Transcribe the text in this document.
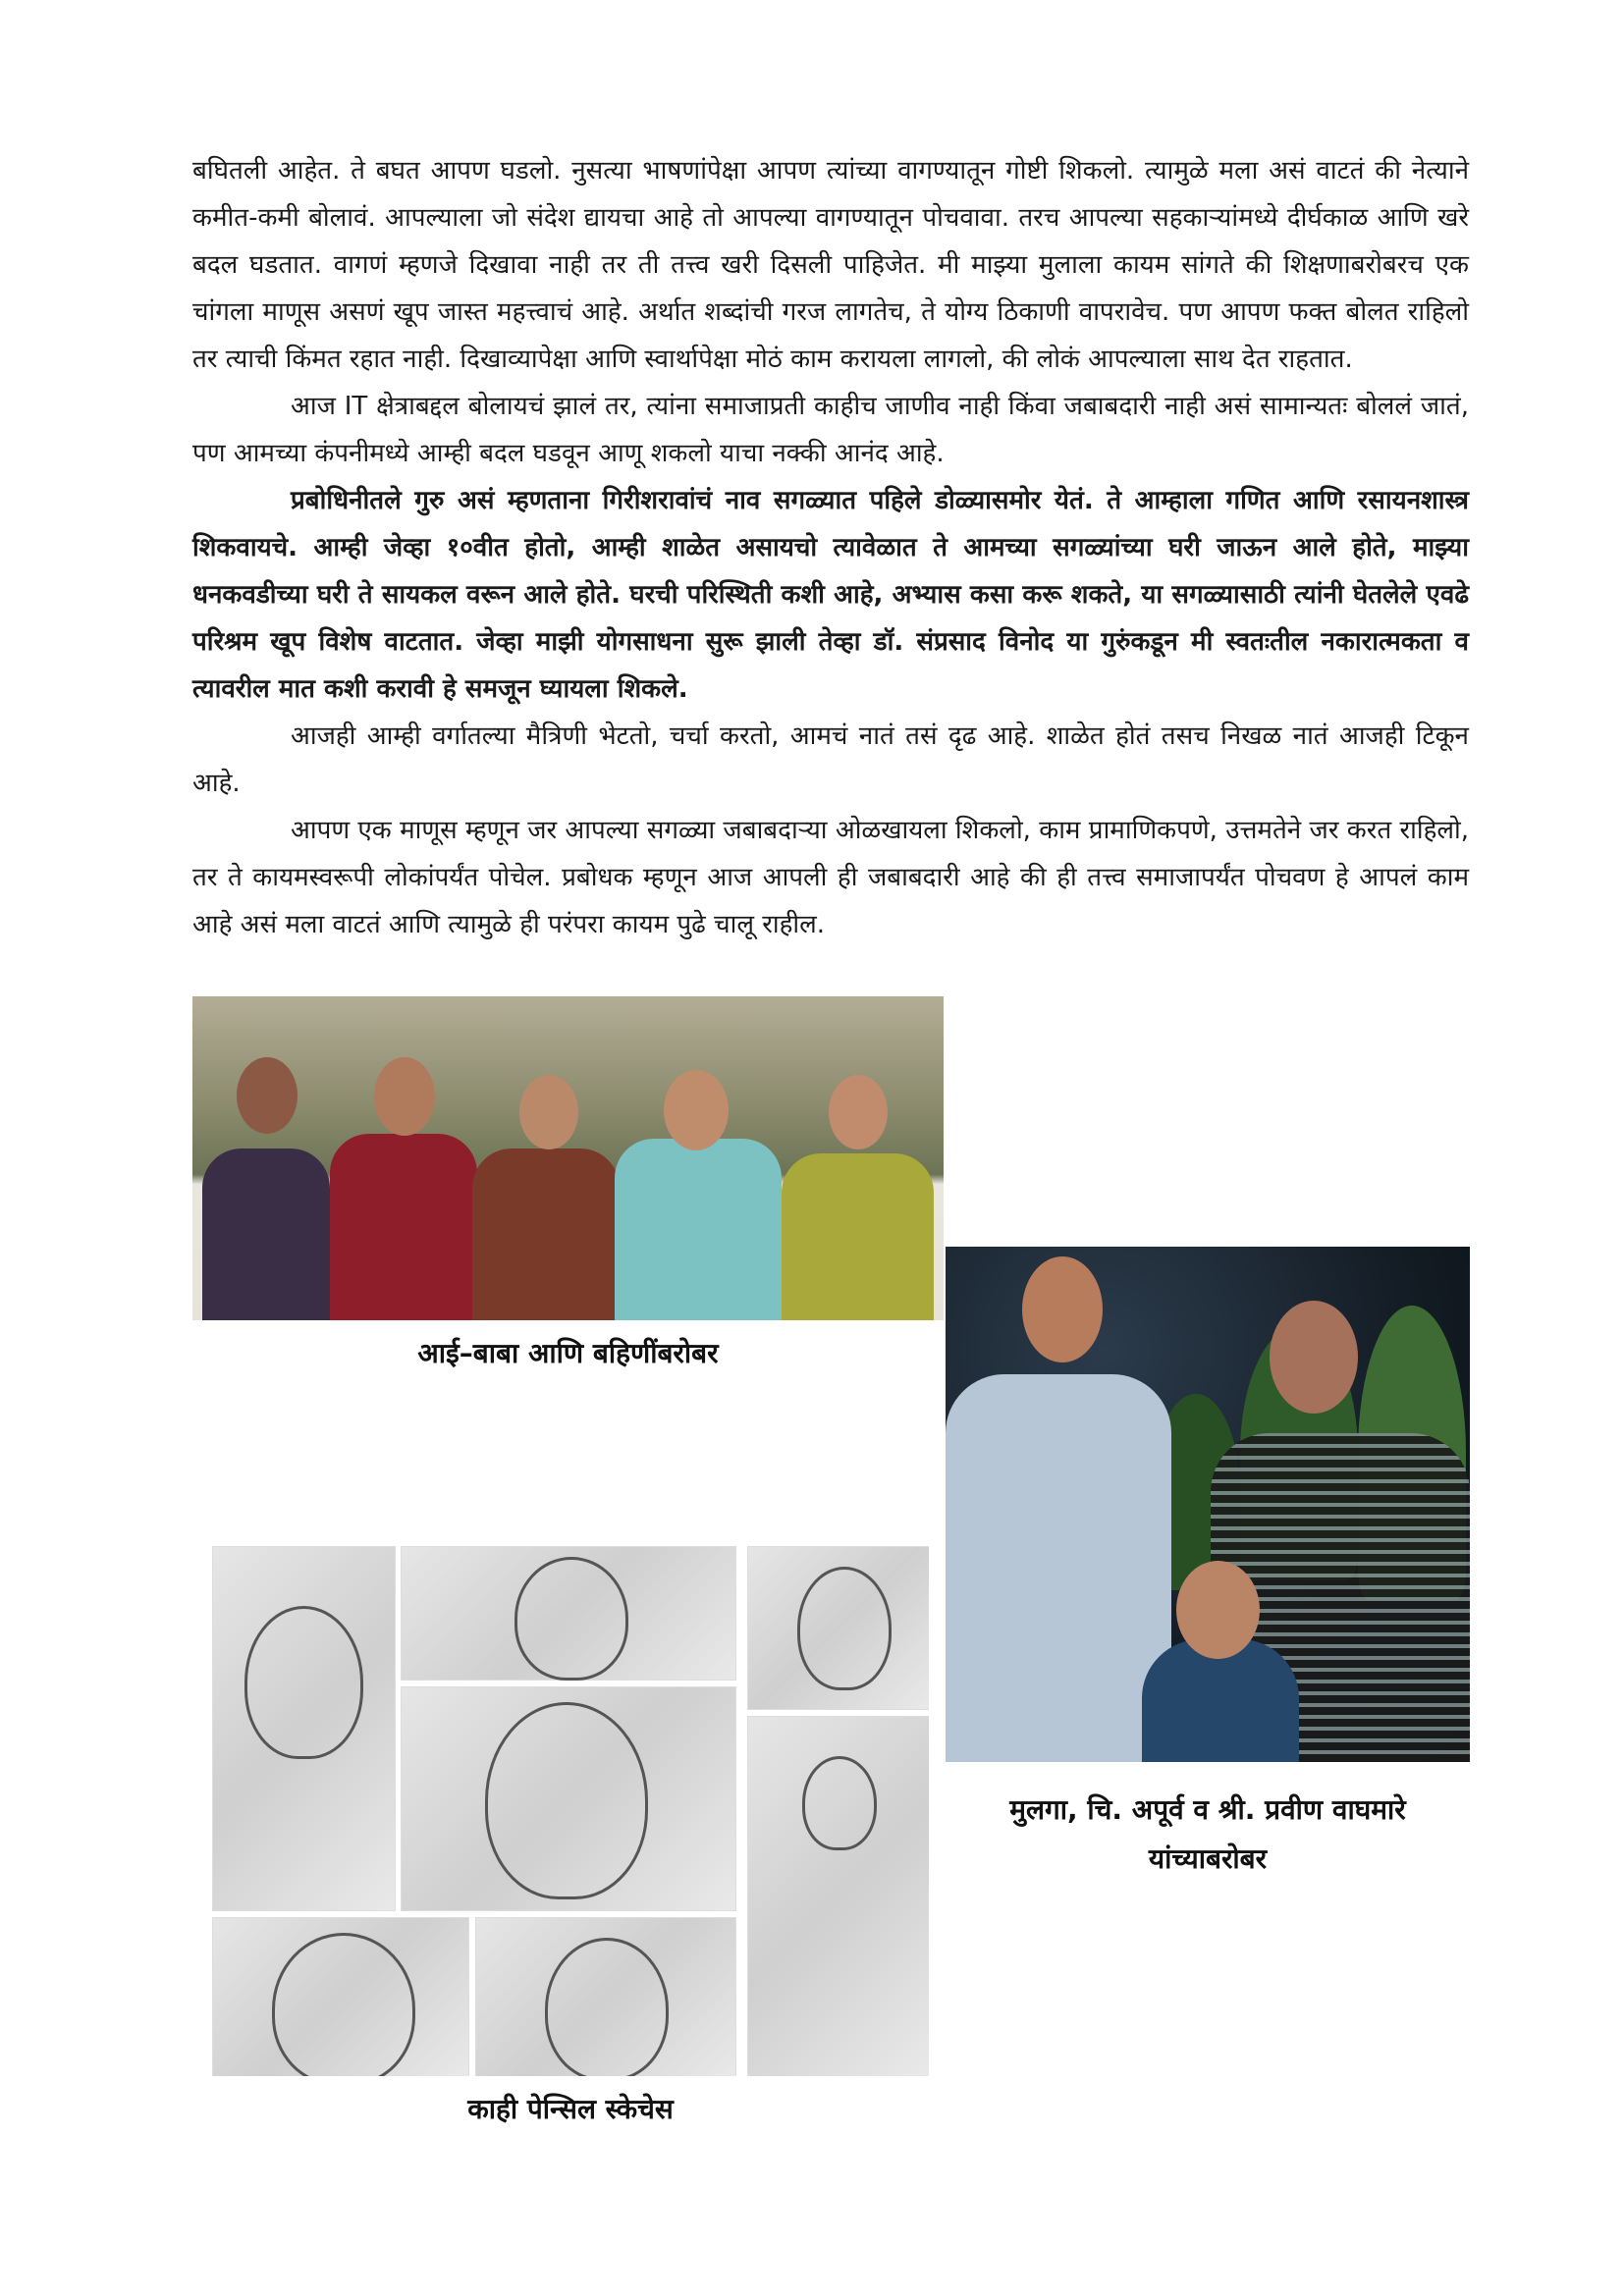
बघितली आहेत. ते बघत आपण घडलो. नुसत्या भाषणांपेक्षा आपण त्यांच्या वागण्यातून गोष्टी शिकलो. त्यामुळे मला असं वाटतं की नेत्याने कमीत-कमी बोलावं. आपल्याला जो संदेश द्यायचा आहे तो आपल्या वागण्यातून पोचवावा. तरच आपल्या सहकाऱ्यांमध्ये दीर्घकाळ आणि खरे बदल घडतात. वागणं म्हणजे दिखावा नाही तर ती तत्त्व खरी दिसली पाहिजेत. मी माझ्या मुलाला कायम सांगते की शिक्षणाबरोबरच एक चांगला माणूस असणं खूप जास्त महत्त्वाचं आहे. अर्थात शब्दांची गरज लागतेच, ते योग्य ठिकाणी वापरावेच. पण आपण फक्त बोलत राहिलो तर त्याची किंमत रहात नाही. दिखाव्यापेक्षा आणि स्वार्थापेक्षा मोठं काम करायला लागलो, की लोकं आपल्याला साथ देत राहतात.

आज IT क्षेत्राबद्दल बोलायचं झालं तर, त्यांना समाजाप्रती काहीच जाणीव नाही किंवा जबाबदारी नाही असं सामान्यतः बोललं जातं, पण आमच्या कंपनीमध्ये आम्ही बदल घडवून आणू शकलो याचा नक्की आनंद आहे.

प्रबोधिनीतले गुरु असं म्हणताना गिरीशरावांचं नाव सगळ्यात पहिले डोळ्यासमोर येतं. ते आम्हाला गणित आणि रसायनशास्त्र शिकवायचे. आम्ही जेव्हा १०वीत होतो, आम्ही शाळेत असायचो त्यावेळात ते आमच्या सगळ्यांच्या घरी जाऊन आले होते, माझ्या धनकवडीच्या घरी ते सायकल वरून आले होते. घरची परिस्थिती कशी आहे, अभ्यास कसा करू शकते, या सगळ्यासाठी त्यांनी घेतलेले एवढे परिश्रम खूप विशेष वाटतात. जेव्हा माझी योगसाधना सुरू झाली तेव्हा डॉ. संप्रसाद विनोद या गुरुंकडून मी स्वतःतील नकारात्मकता व त्यावरील मात कशी करावी हे समजून घ्यायला शिकले.

आजही आम्ही वर्गातल्या मैत्रिणी भेटतो, चर्चा करतो, आमचं नातं तसं दृढ आहे. शाळेत होतं तसच निखळ नातं आजही टिकून आहे.

आपण एक माणूस म्हणून जर आपल्या सगळ्या जबाबदाऱ्या ओळखायला शिकलो, काम प्रामाणिकपणे, उत्तमतेने जर करत राहिलो, तर ते कायमस्वरूपी लोकांपर्यंत पोचेल. प्रबोधक म्हणून आज आपली ही जबाबदारी आहे की ही तत्त्व समाजापर्यंत पोचवण हे आपलं काम आहे असं मला वाटतं आणि त्यामुळे ही परंपरा कायम पुढे चालू राहील.

आई–बाबा आणि बहिणींबरोबर
मुलगा, चि. अपूर्व व श्री. प्रवीण वाघमारे
यांच्याबरोबर
काही पेन्सिल स्केचेस
